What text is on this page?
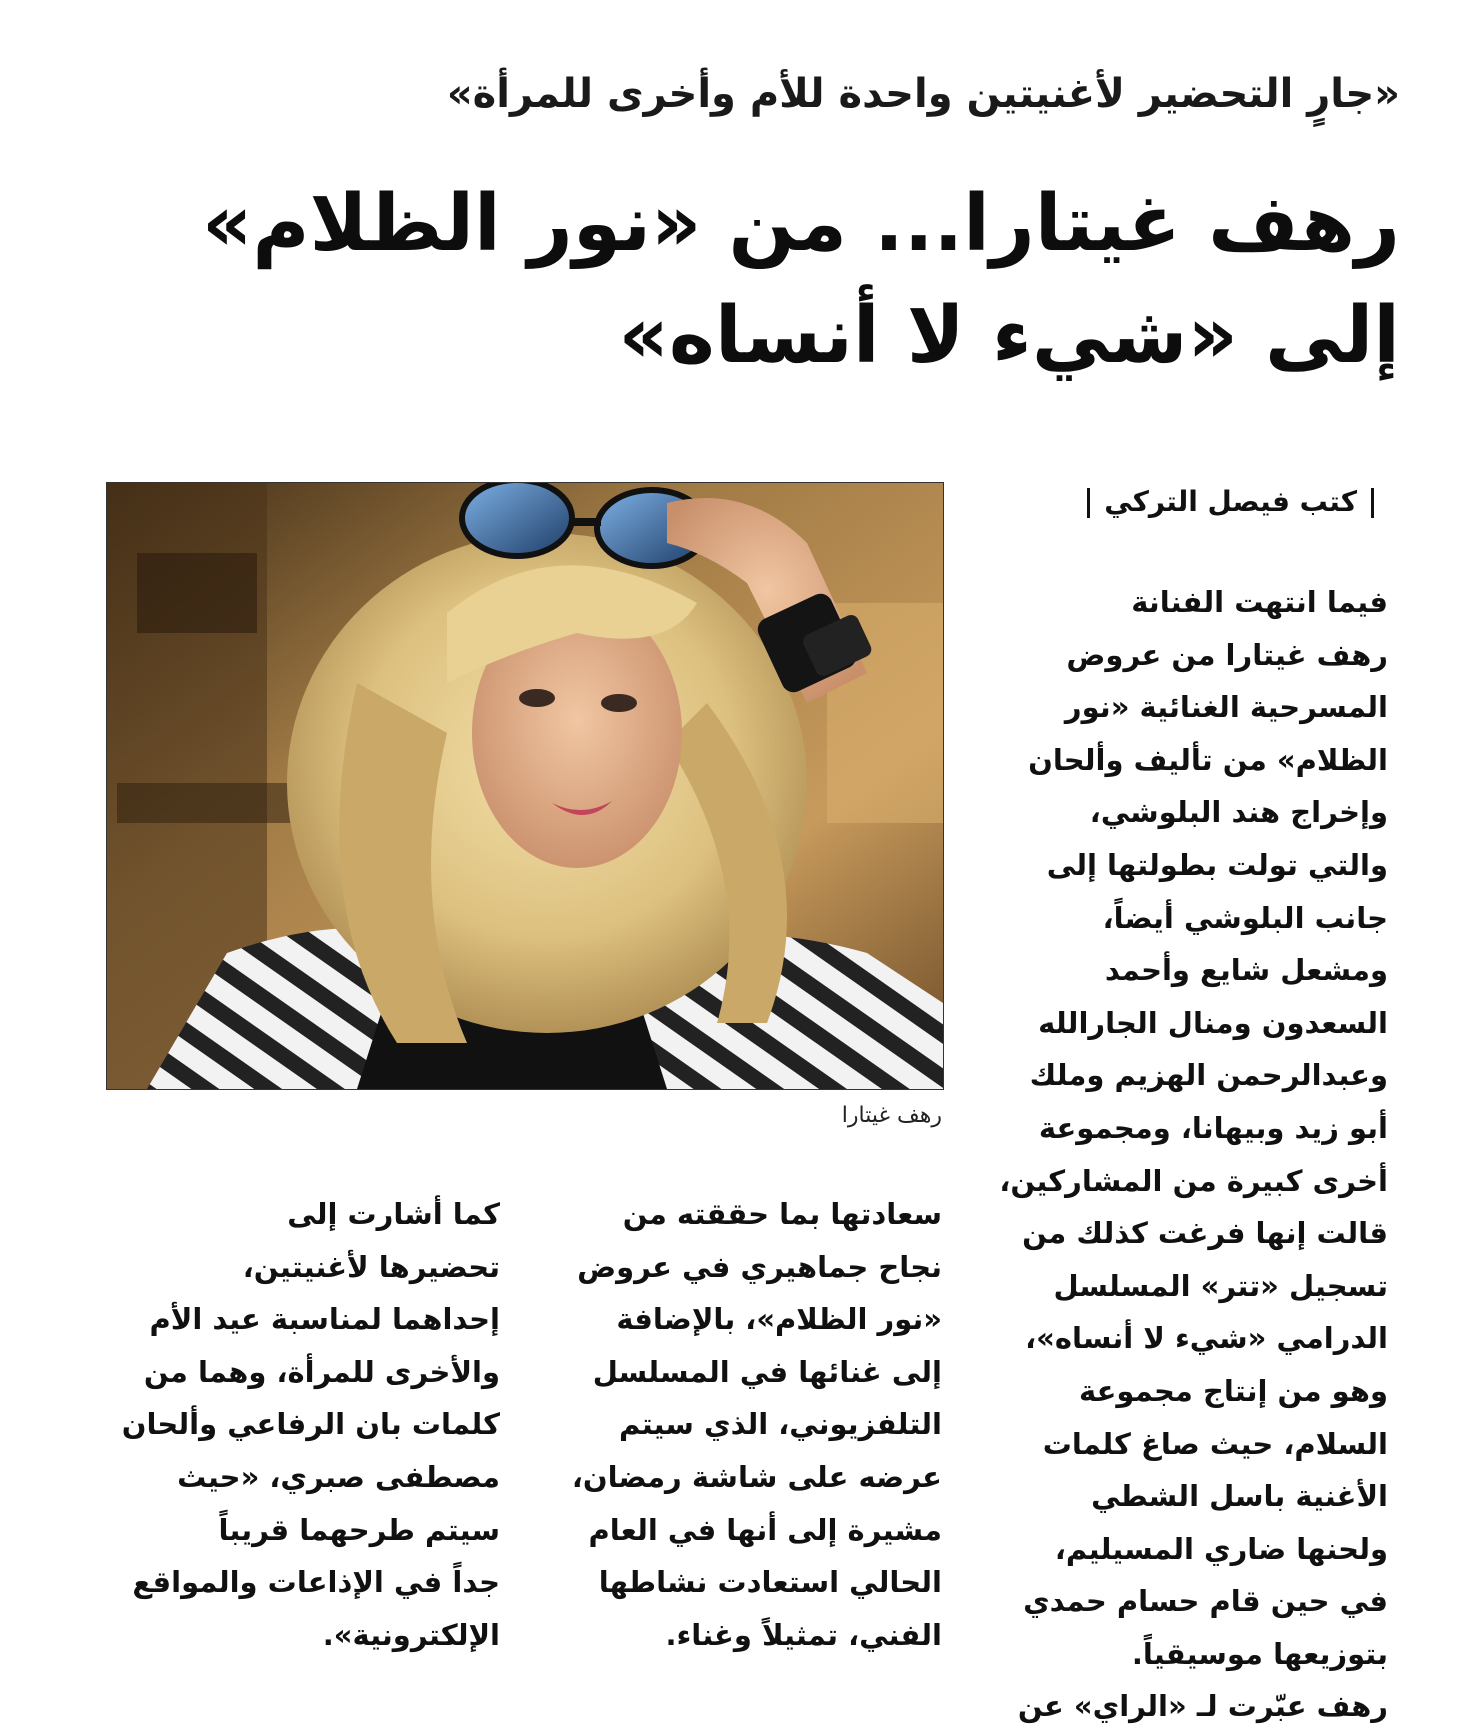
«جارٍ التحضير لأغنيتين واحدة للأم وأخرى للمرأة»
رهف غيتارا... من «نور الظلام»
إلى «شيء لا أنساه»
كتب فيصل التركي
رهف غيتارا
فيما انتهت الفنانة
رهف غيتارا من عروض
المسرحية الغنائية «نور
الظلام» من تأليف وألحان
وإخراج هند البلوشي،
والتي تولت بطولتها إلى
جانب البلوشي أيضاً،
ومشعل شايع وأحمد
السعدون ومنال الجارالله
وعبدالرحمن الهزيم وملك
أبو زيد وبيهانا، ومجموعة
أخرى كبيرة من المشاركين،
قالت إنها فرغت كذلك من
تسجيل «تتر» المسلسل
الدرامي «شيء لا أنساه»،
وهو من إنتاج مجموعة
السلام، حيث صاغ كلمات
الأغنية باسل الشطي
ولحنها ضاري المسيليم،
في حين قام حسام حمدي
بتوزيعها موسيقياً.
رهف عبّرت لـ «الراي» عن
سعادتها بما حققته من
نجاح جماهيري في عروض
«نور الظلام»، بالإضافة
إلى غنائها في المسلسل
التلفزيوني، الذي سيتم
عرضه على شاشة رمضان،
مشيرة إلى أنها في العام
الحالي استعادت نشاطها
الفني، تمثيلاً وغناء.
كما أشارت إلى
تحضيرها لأغنيتين،
إحداهما لمناسبة عيد الأم
والأخرى للمرأة، وهما من
كلمات بان الرفاعي وألحان
مصطفى صبري، «حيث
سيتم طرحهما قريباً
جداً في الإذاعات والمواقع
الإلكترونية».
